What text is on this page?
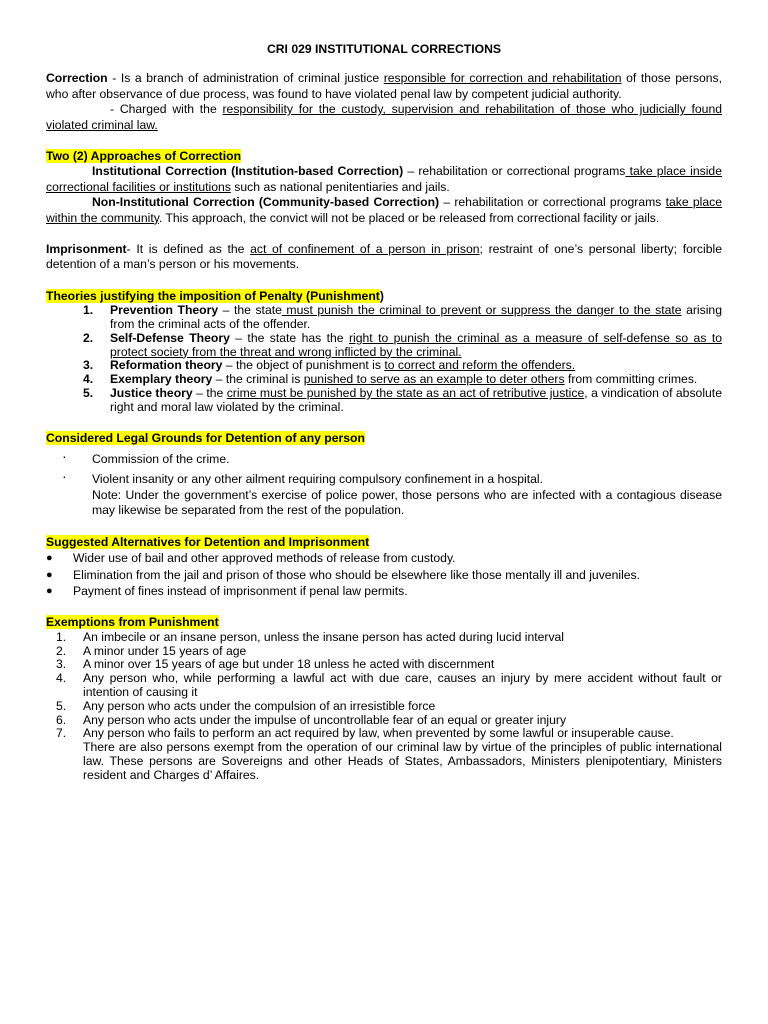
CRI 029 INSTITUTIONAL CORRECTIONS

Correction - Is a branch of administration of criminal justice responsible for correction and rehabilitation of those persons, who after observance of due process, was found to have violated penal law by competent judicial authority.

- Charged with the responsibility for the custody, supervision and rehabilitation of those who judicially found violated criminal law.

Two (2) Approaches of Correction

Institutional Correction (Institution-based Correction) – rehabilitation or correctional programs take place inside correctional facilities or institutions such as national penitentiaries and jails.

Non-Institutional Correction (Community-based Correction) – rehabilitation or correctional programs take place within the community. This approach, the convict will not be placed or be released from correctional facility or jails.

Imprisonment- It is defined as the act of confinement of a person in prison; restraint of one’s personal liberty; forcible detention of a man’s person or his movements.

Theories justifying the imposition of Penalty (Punishment)
1. Prevention Theory – the state must punish the criminal to prevent or suppress the danger to the state arising from the criminal acts of the offender.
2. Self-Defense Theory – the state has the right to punish the criminal as a measure of self-defense so as to protect society from the threat and wrong inflicted by the criminal.
3. Reformation theory – the object of punishment is to correct and reform the offenders.
4. Exemplary theory – the criminal is punished to serve as an example to deter others from committing crimes.
5. Justice theory – the crime must be punished by the state as an act of retributive justice, a vindication of absolute right and moral law violated by the criminal.
Considered Legal Grounds for Detention of any person
· Commission of the crime.
· Violent insanity or any other ailment requiring compulsory confinement in a hospital.

Note: Under the government’s exercise of police power, those persons who are infected with a contagious disease may likewise be separated from the rest of the population.

Suggested Alternatives for Detention and Imprisonment
● Wider use of bail and other approved methods of release from custody.
● Elimination from the jail and prison of those who should be elsewhere like those mentally ill and juveniles.
● Payment of fines instead of imprisonment if penal law permits.
Exemptions from Punishment
1. An imbecile or an insane person, unless the insane person has acted during lucid interval
2. A minor under 15 years of age
3. A minor over 15 years of age but under 18 unless he acted with discernment
4. Any person who, while performing a lawful act with due care, causes an injury by mere accident without fault or intention of causing it
5. Any person who acts under the compulsion of an irresistible force
6. Any person who acts under the impulse of uncontrollable fear of an equal or greater injury
7. Any person who fails to perform an act required by law, when prevented by some lawful or insuperable cause.

There are also persons exempt from the operation of our criminal law by virtue of the principles of public international law. These persons are Sovereigns and other Heads of States, Ambassadors, Ministers plenipotentiary, Ministers resident and Charges d’ Affaires.
